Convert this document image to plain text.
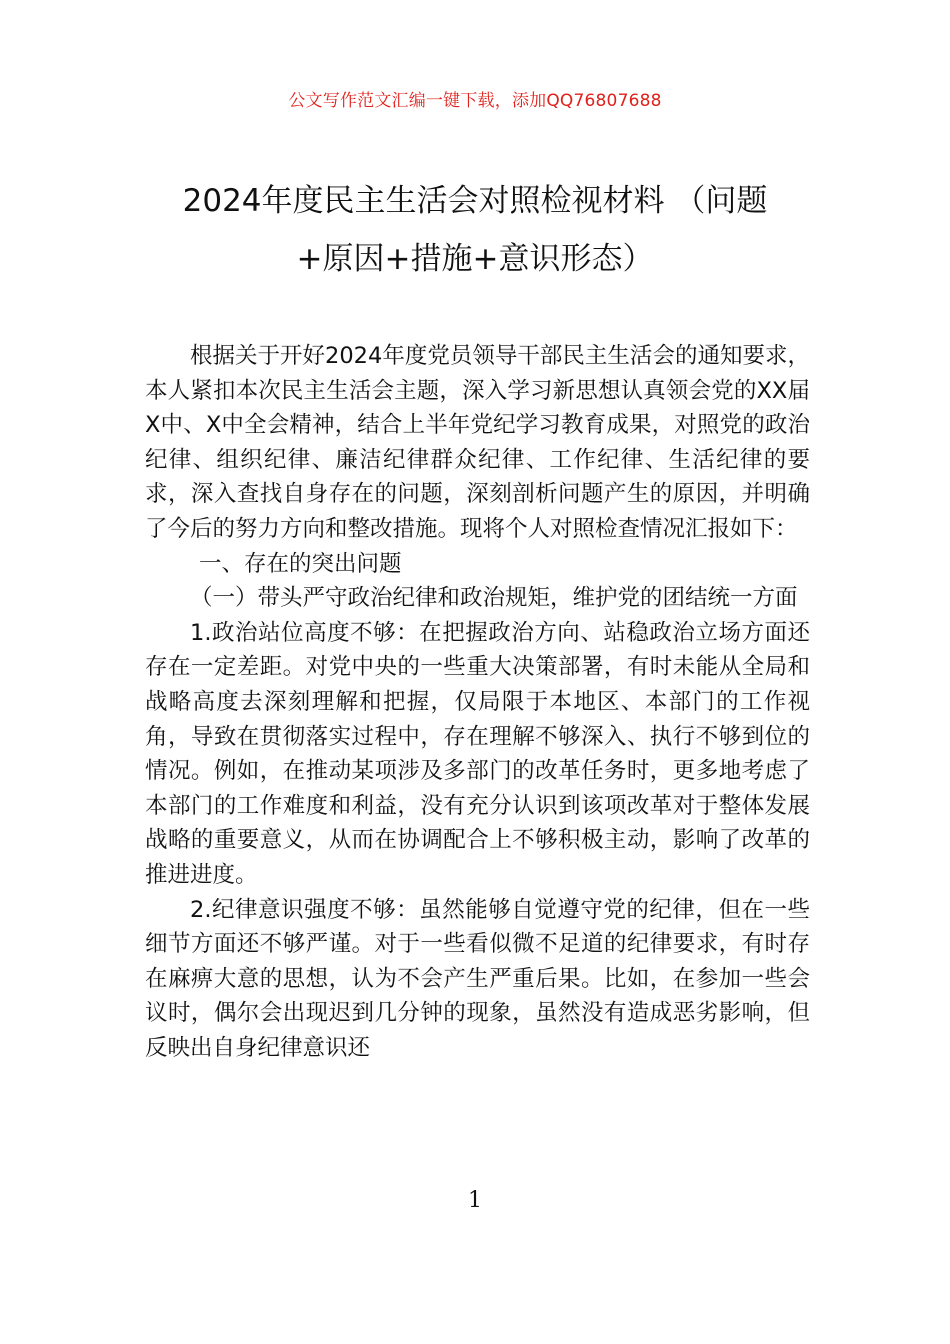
公文写作范文汇编一键下载，添加QQ76807688
2024年度民主生活会对照检视材料 （问题
+原因+措施+意识形态）

根据关于开好2024年度党员领导干部民主生活会的通知要求，本人紧扣本次民主生活会主题，深入学习新思想认真领会党的XX届X中、X中全会精神，结合上半年党纪学习教育成果，对照党的政治纪律、组织纪律、廉洁纪律群众纪律、工作纪律、生活纪律的要求，深入查找自身存在的问题，深刻剖析问题产生的原因，并明确了今后的努力方向和整改措施。现将个人对照检查情况汇报如下：

一、存在的突出问题

（一）带头严守政治纪律和政治规矩，维护党的团结统一方面

1.政治站位高度不够：在把握政治方向、站稳政治立场方面还存在一定差距。对党中央的一些重大决策部署，有时未能从全局和战略高度去深刻理解和把握，仅局限于本地区、本部门的工作视角，导致在贯彻落实过程中，存在理解不够深入、执行不够到位的情况。例如，在推动某项涉及多部门的改革任务时，更多地考虑了本部门的工作难度和利益，没有充分认识到该项改革对于整体发展战略的重要意义，从而在协调配合上不够积极主动，影响了改革的推进进度。

2.纪律意识强度不够：虽然能够自觉遵守党的纪律，但在一些细节方面还不够严谨。对于一些看似微不足道的纪律要求，有时存在麻痹大意的思想，认为不会产生严重后果。比如，在参加一些会议时，偶尔会出现迟到几分钟的现象，虽然没有造成恶劣影响，但反映出自身纪律意识还

1
